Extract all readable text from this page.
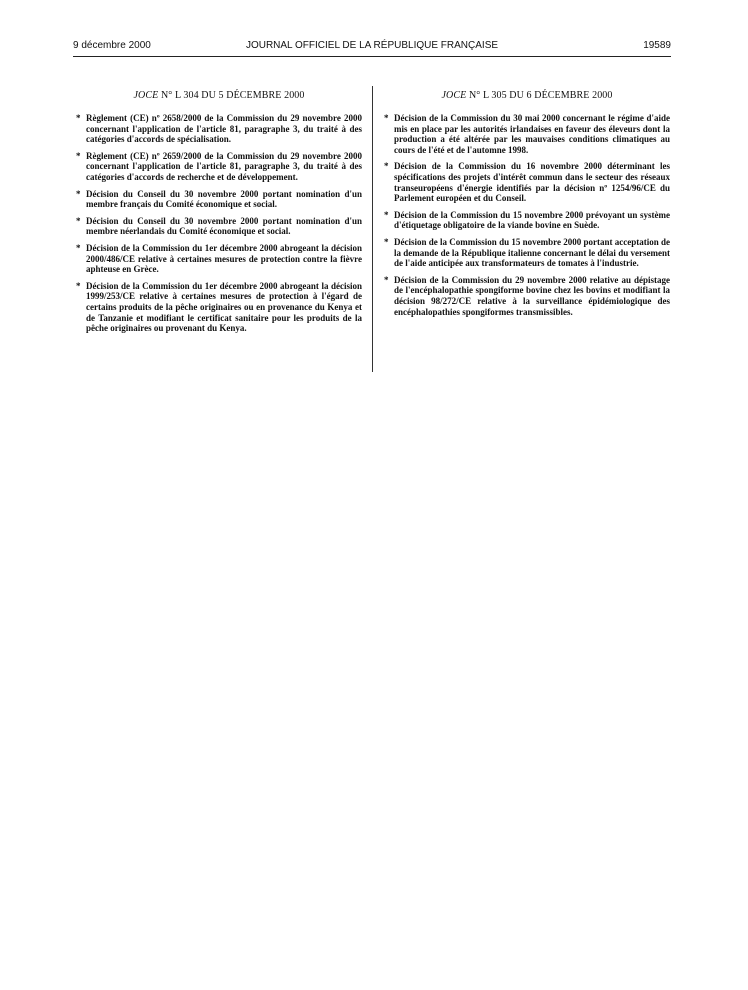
9 décembre 2000	JOURNAL OFFICIEL DE LA RÉPUBLIQUE FRANÇAISE	19589
JOCE N° L 304 DU 5 DÉCEMBRE 2000
* Règlement (CE) nº 2658/2000 de la Commission du 29 novembre 2000 concernant l'application de l'article 81, paragraphe 3, du traité à des catégories d'accords de spécialisation.
* Règlement (CE) nº 2659/2000 de la Commission du 29 novembre 2000 concernant l'application de l'article 81, paragraphe 3, du traité à des catégories d'accords de recherche et de développement.
* Décision du Conseil du 30 novembre 2000 portant nomination d'un membre français du Comité économique et social.
* Décision du Conseil du 30 novembre 2000 portant nomination d'un membre néerlandais du Comité économique et social.
* Décision de la Commission du 1er décembre 2000 abrogeant la décision 2000/486/CE relative à certaines mesures de protection contre la fièvre aphteuse en Grèce.
* Décision de la Commission du 1er décembre 2000 abrogeant la décision 1999/253/CE relative à certaines mesures de protection à l'égard de certains produits de la pêche originaires ou en provenance du Kenya et de Tanzanie et modifiant le certificat sanitaire pour les produits de la pêche originaires ou provenant du Kenya.
JOCE N° L 305 DU 6 DÉCEMBRE 2000
* Décision de la Commission du 30 mai 2000 concernant le régime d'aide mis en place par les autorités irlandaises en faveur des éleveurs dont la production a été altérée par les mauvaises conditions climatiques au cours de l'été et de l'automne 1998.
* Décision de la Commission du 16 novembre 2000 déterminant les spécifications des projets d'intérêt commun dans le secteur des réseaux transeuropéens d'énergie identifiés par la décision nº 1254/96/CE du Parlement européen et du Conseil.
* Décision de la Commission du 15 novembre 2000 prévoyant un système d'étiquetage obligatoire de la viande bovine en Suède.
* Décision de la Commission du 15 novembre 2000 portant acceptation de la demande de la République italienne concernant le délai du versement de l'aide anticipée aux transformateurs de tomates à l'industrie.
* Décision de la Commission du 29 novembre 2000 relative au dépistage de l'encéphalopathie spongiforme bovine chez les bovins et modifiant la décision 98/272/CE relative à la surveillance épidémiologique des encéphalopathies spongiformes transmissibles.
